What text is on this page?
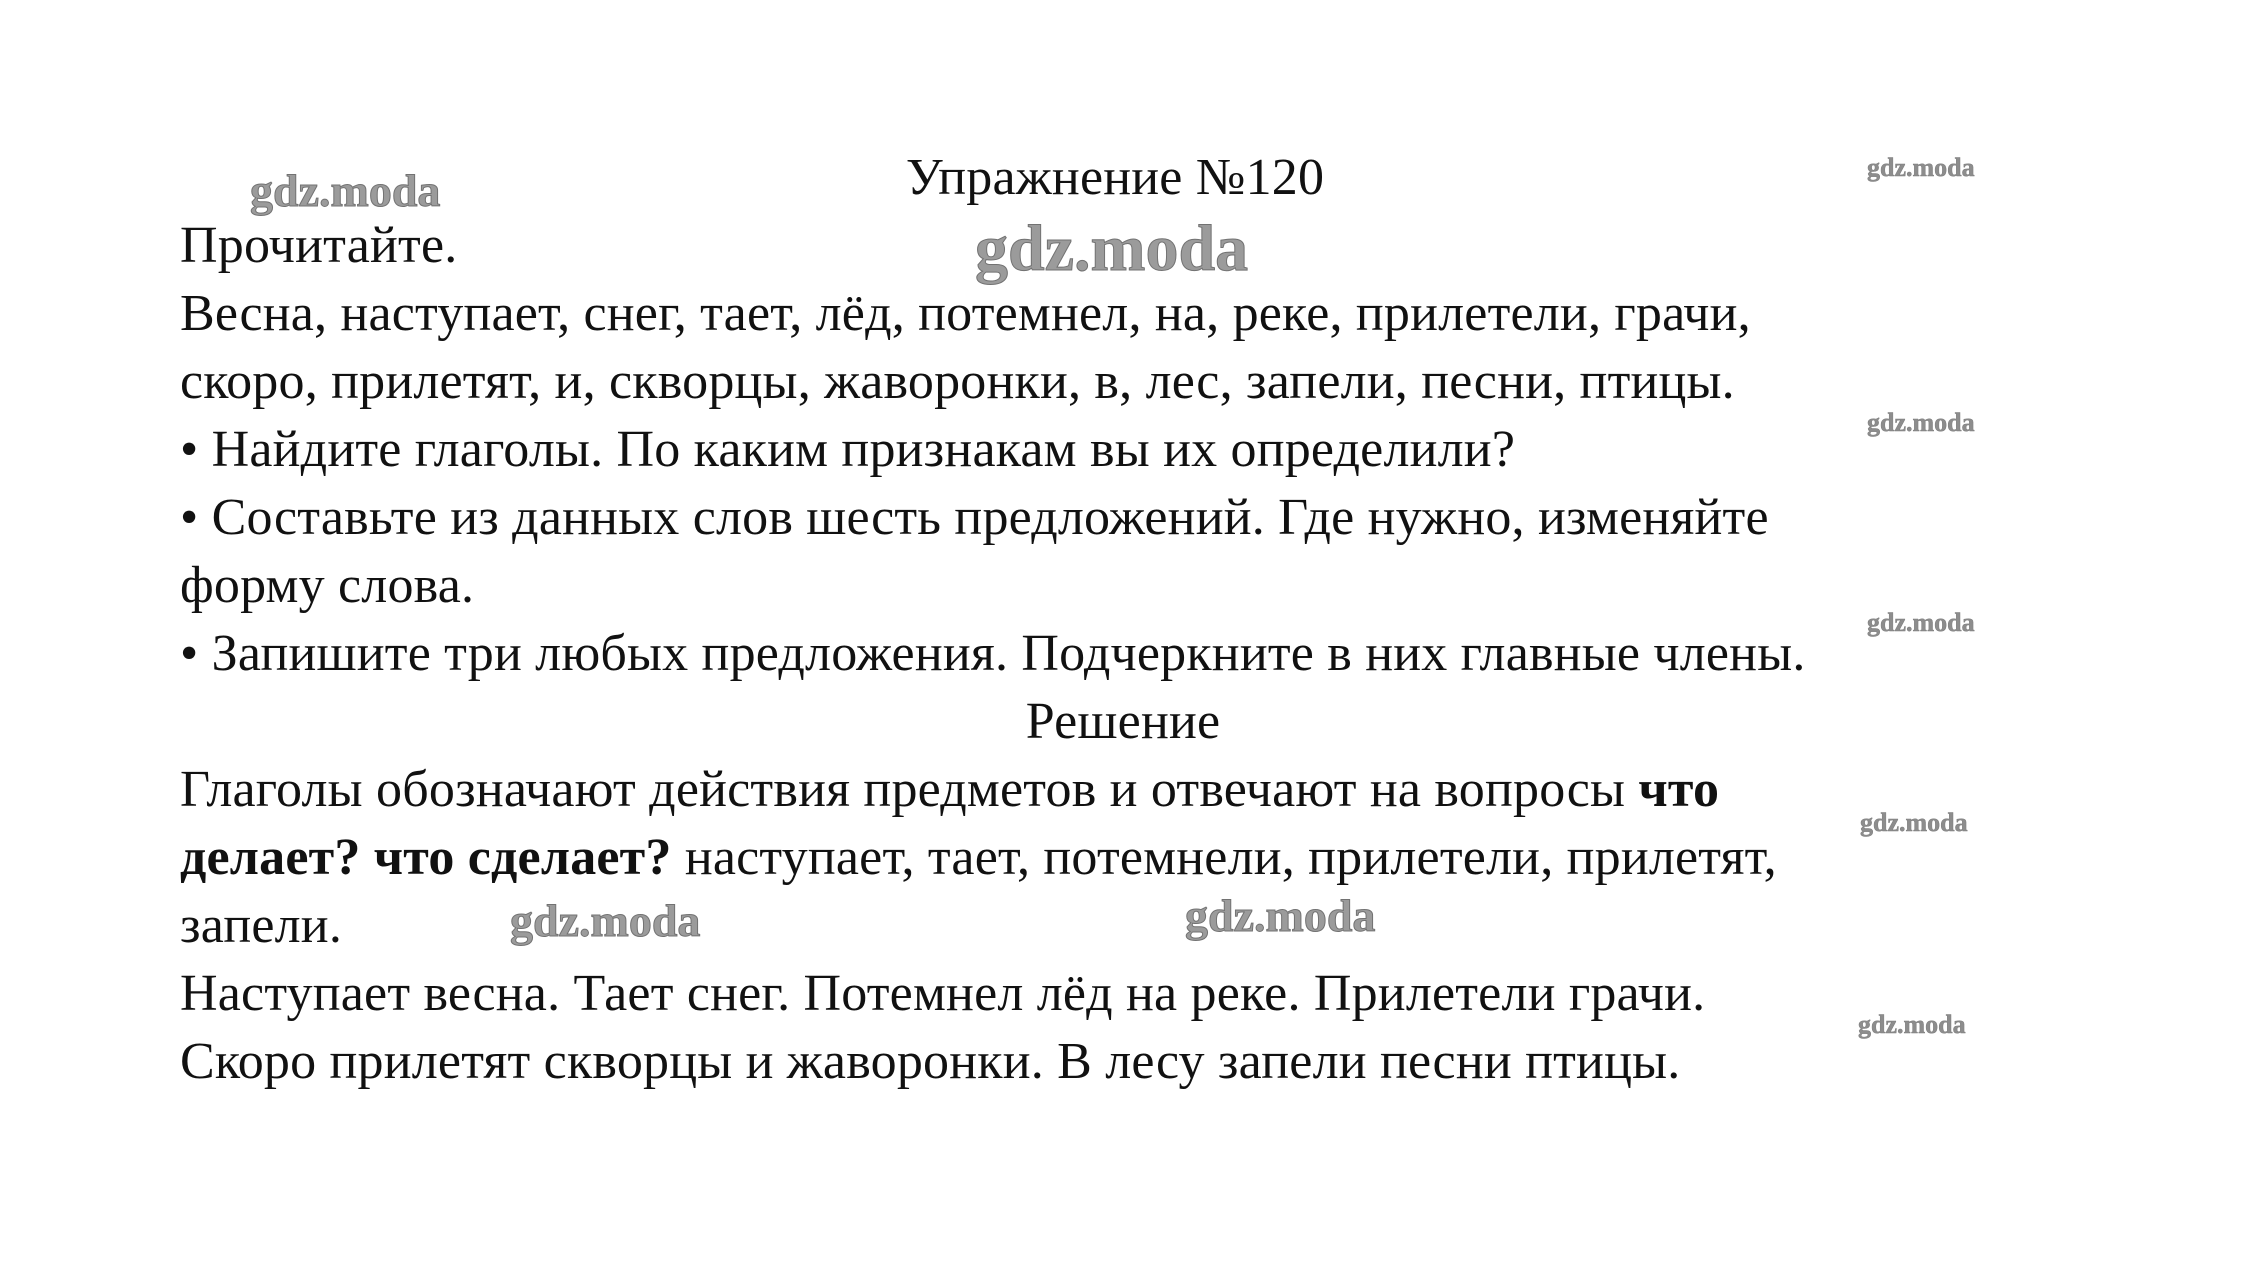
gdz.moda
gdz.moda
gdz.moda
gdz.moda
gdz.moda
gdz.moda
gdz.moda	gdz.moda
gdz.moda
Упражнение №120
Прочитайте.
Весна, наступает, снег, тает, лёд, потемнел, на, реке, прилетели, грачи,
скоро, прилетят, и, скворцы, жаворонки, в, лес, запели, песни, птицы.
• Найдите глаголы. По каким признакам вы их определили?
• Составьте из данных слов шесть предложений. Где нужно, изменяйте
форму слова.
• Запишите три любых предложения. Подчеркните в них главные члены.
Решение
Глаголы обозначают действия предметов и отвечают на вопросы что
делает? что сделает? наступает, тает, потемнели, прилетели, прилетят,
запели.
Наступает весна. Тает снег. Потемнел лёд на реке. Прилетели грачи.
Скоро прилетят скворцы и жаворонки. В лесу запели песни птицы.
